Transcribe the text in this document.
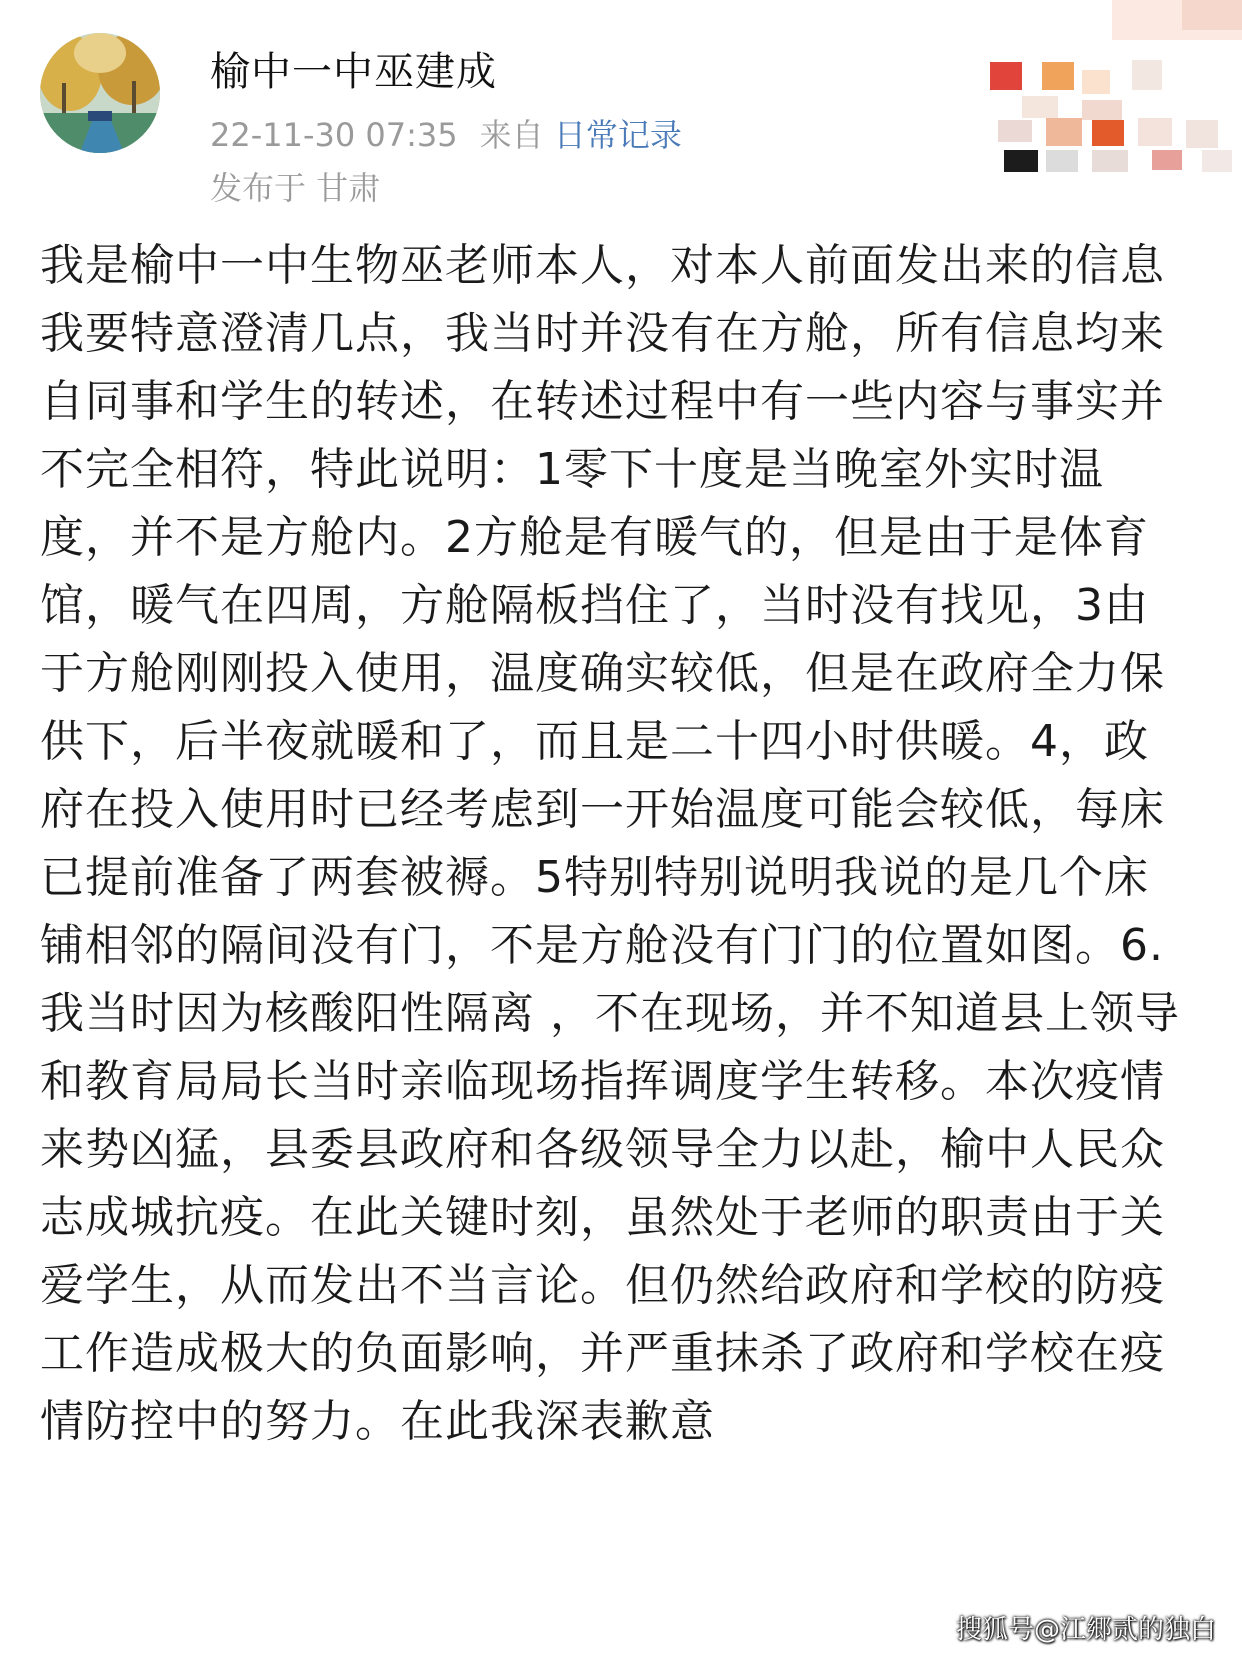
榆中一中巫建成
22-11-30 07:35 来自 日常记录
发布于 甘肃
我是榆中一中生物巫老师本人，对本人前面发出来的信息我要特意澄清几点，我当时并没有在方舱，所有信息均来自同事和学生的转述，在转述过程中有一些内容与事实并不完全相符，特此说明：1零下十度是当晚室外实时温度，并不是方舱内。2方舱是有暖气的，但是由于是体育馆，暖气在四周，方舱隔板挡住了，当时没有找见，3由于方舱刚刚投入使用，温度确实较低，但是在政府全力保供下，后半夜就暖和了，而且是二十四小时供暖。4，政府在投入使用时已经考虑到一开始温度可能会较低，每床已提前准备了两套被褥。5特别特别说明我说的是几个床铺相邻的隔间没有门，不是方舱没有门门的位置如图。6.我当时因为核酸阳性隔离 ，不在现场，并不知道县上领导和教育局局长当时亲临现场指挥调度学生转移。本次疫情来势凶猛，县委县政府和各级领导全力以赴，榆中人民众志成城抗疫。在此关键时刻，虽然处于老师的职责由于关爱学生，从而发出不当言论。但仍然给政府和学校的防疫工作造成极大的负面影响，并严重抹杀了政府和学校在疫情防控中的努力。在此我深表歉意
搜狐号@江郷贰的独白
